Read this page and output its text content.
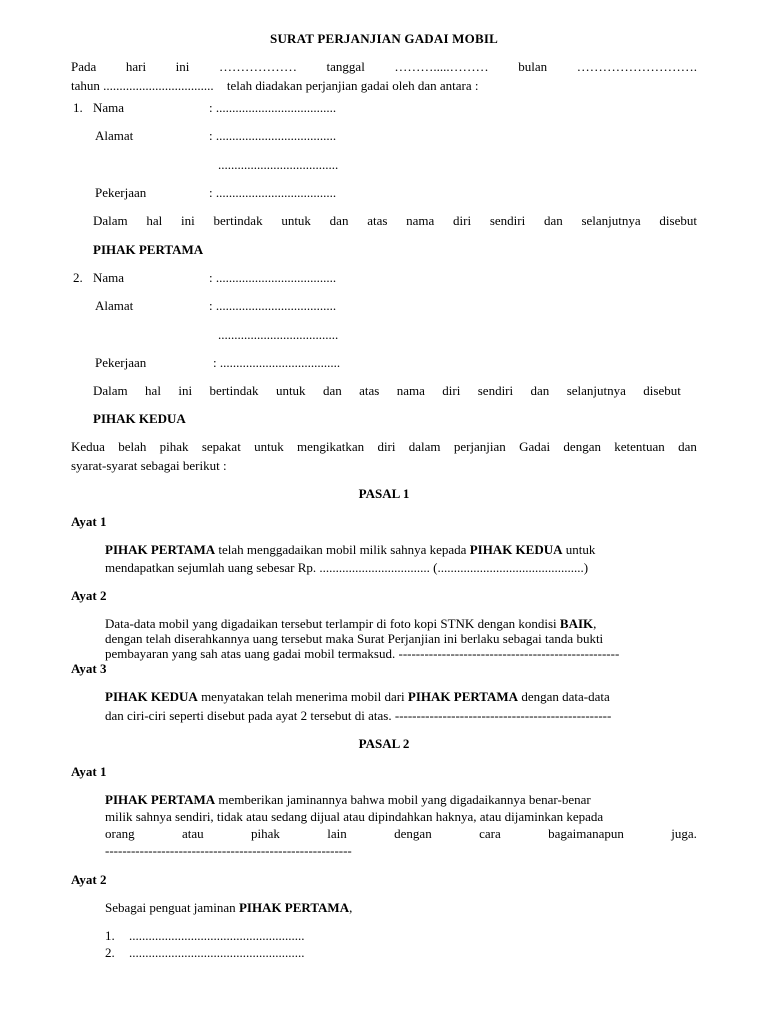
SURAT PERJANJIAN GADAI MOBIL
Pada hari ini ……………… tanggal ……….....……… bulan ……………………….
tahun .................................. telah diadakan perjanjian gadai oleh dan antara :
1. Nama	: .....................................
Alamat	: .....................................
.....................................
Pekerjaan	: .....................................
Dalam hal ini bertindak untuk dan atas nama diri sendiri dan selanjutnya disebut
PIHAK PERTAMA
2. Nama	: .....................................
Alamat	: .....................................
.....................................
Pekerjaan	: .....................................
Dalam hal ini bertindak untuk dan atas nama diri sendiri dan selanjutnya disebut
PIHAK KEDUA
Kedua belah pihak sepakat untuk mengikatkan diri dalam perjanjian Gadai dengan ketentuan dan
syarat-syarat sebagai berikut :
PASAL 1
Ayat 1
PIHAK PERTAMA telah menggadaikan mobil milik sahnya kepada PIHAK KEDUA untuk
mendapatkan sejumlah uang sebesar Rp. .................................. (.............................................)
Ayat 2
Data-data mobil yang digadaikan tersebut terlampir di foto kopi STNK dengan kondisi BAIK,
dengan telah diserahkannya uang tersebut maka Surat Perjanjian ini berlaku sebagai tanda bukti
pembayaran yang sah atas uang gadai mobil termaksud. ---------------------------------------------------
Ayat 3
PIHAK KEDUA menyatakan telah menerima mobil dari PIHAK PERTAMA dengan data-data
dan ciri-ciri seperti disebut pada ayat 2 tersebut di atas. --------------------------------------------------
PASAL 2
Ayat 1
PIHAK PERTAMA memberikan jaminannya bahwa mobil yang digadaikannya benar-benar
milik sahnya sendiri, tidak atau sedang dijual atau dipindahkan haknya, atau dijaminkan kepada
orang	atau	pihak	lain	dengan	cara	bagaimanapun	juga.
---------------------------------------------------------
Ayat 2
Sebagai penguat jaminan PIHAK PERTAMA,
1. ......................................................
2. ......................................................
